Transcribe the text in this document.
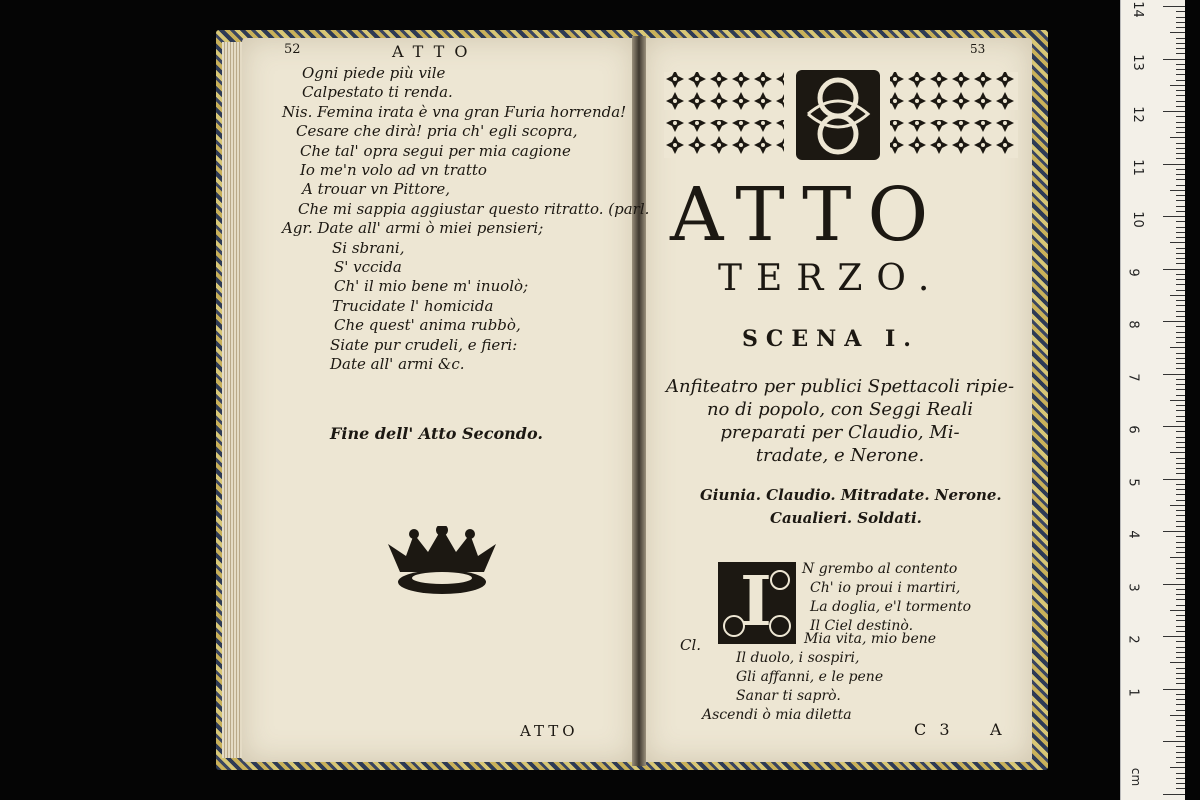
52	ATTO
Ogni piede più vile
Calpestato ti renda.
Nis. Femina irata è vna gran Furia horrenda!
Cesare che dirà! pria ch' egli scopra,
Che tal' opra segui per mia cagione
Io me'n volo ad vn tratto
A trouar vn Pittore,
Che mi sappia aggiustar questo ritratto. (parl.
Agr. Date all' armi ò miei pensieri;
Si sbrani,
S' vccida
Ch' il mio bene m' inuolò;
Trucidate l' homicida
Che quest' anima rubbò,
Siate pur crudeli, e fieri:
Date all' armi &c.
Fine dell' Atto Secondo.
ATTO
53
ATTO
TERZO.
SCENA I.
Anfiteatro per publici Spettacoli ripie-
no di popolo, con Seggi Reali
preparati per Claudio, Mi-
tradate, e Nerone.
Giunia. Claudio. Mitradate. Nerone.
Caualieri. Soldati.
I N grembo al contento
Ch' io proui i martiri,
La doglia, e'l tormento
Il Ciel destinò.
Cl.	Mia vita, mio bene
Il duolo, i sospiri,
Gli affanni, e le pene
Sanar ti saprò.
Ascendi ò mia diletta
C 3 A
14
13
12
11
10
9
8
7
6
5
4
3
2
1
cm
